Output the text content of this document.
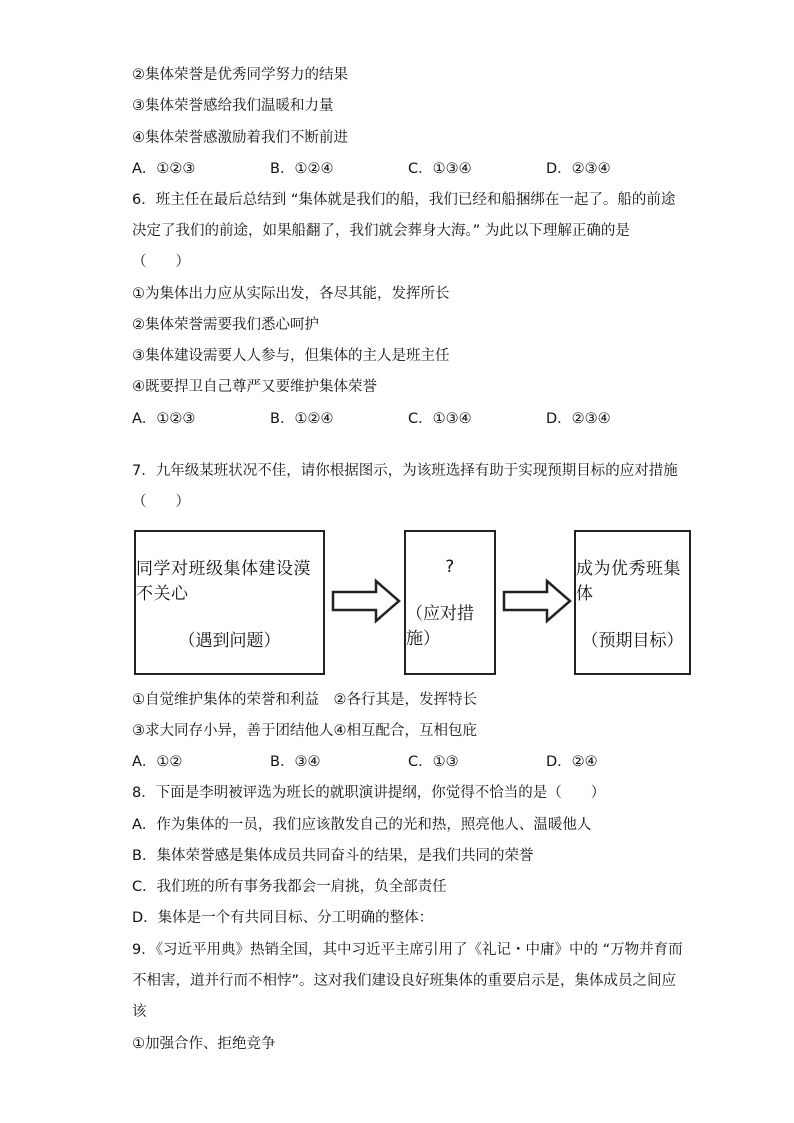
②集体荣誉是优秀同学努力的结果
③集体荣誉感给我们温暖和力量
④集体荣誉感激励着我们不断前进
A．①②③	B．①②④	C．①③④	D．②③④
6．班主任在最后总结到 “集体就是我们的船，我们已经和船捆绑在一起了。船的前途
决定了我们的前途，如果船翻了，我们就会葬身大海。” 为此以下理解正确的是
（　　）
①为集体出力应从实际出发，各尽其能，发挥所长
②集体荣誉需要我们悉心呵护
③集体建设需要人人参与，但集体的主人是班主任
④既要捍卫自己尊严又要维护集体荣誉
A．①②③	B．①②④	C．①③④	D．②③④
7．九年级某班状况不佳，请你根据图示，为该班选择有助于实现预期目标的应对措施
（　　）
同学对班级集体建设漠不关心
（遇到问题）
?
（应对措施）
成为优秀班集体
（预期目标）
①自觉维护集体的荣誉和利益　②各行其是，发挥特长
③求大同存小异，善于团结他人④相互配合，互相包庇
A．①②	B．③④	C．①③	D．②④
8．下面是李明被评选为班长的就职演讲提纲，你觉得不恰当的是（　　）
A．作为集体的一员，我们应该散发自己的光和热，照亮他人、温暖他人
B．集体荣誉感是集体成员共同奋斗的结果，是我们共同的荣誉
C．我们班的所有事务我都会一肩挑，负全部责任
D．集体是一个有共同目标、分工明确的整体：
9．《习近平用典》热销全国，其中习近平主席引用了《礼记・中庸》中的 “万物并育而
不相害，道并行而不相悖”。这对我们建设良好班集体的重要启示是，集体成员之间应
该
①加强合作、拒绝竞争
